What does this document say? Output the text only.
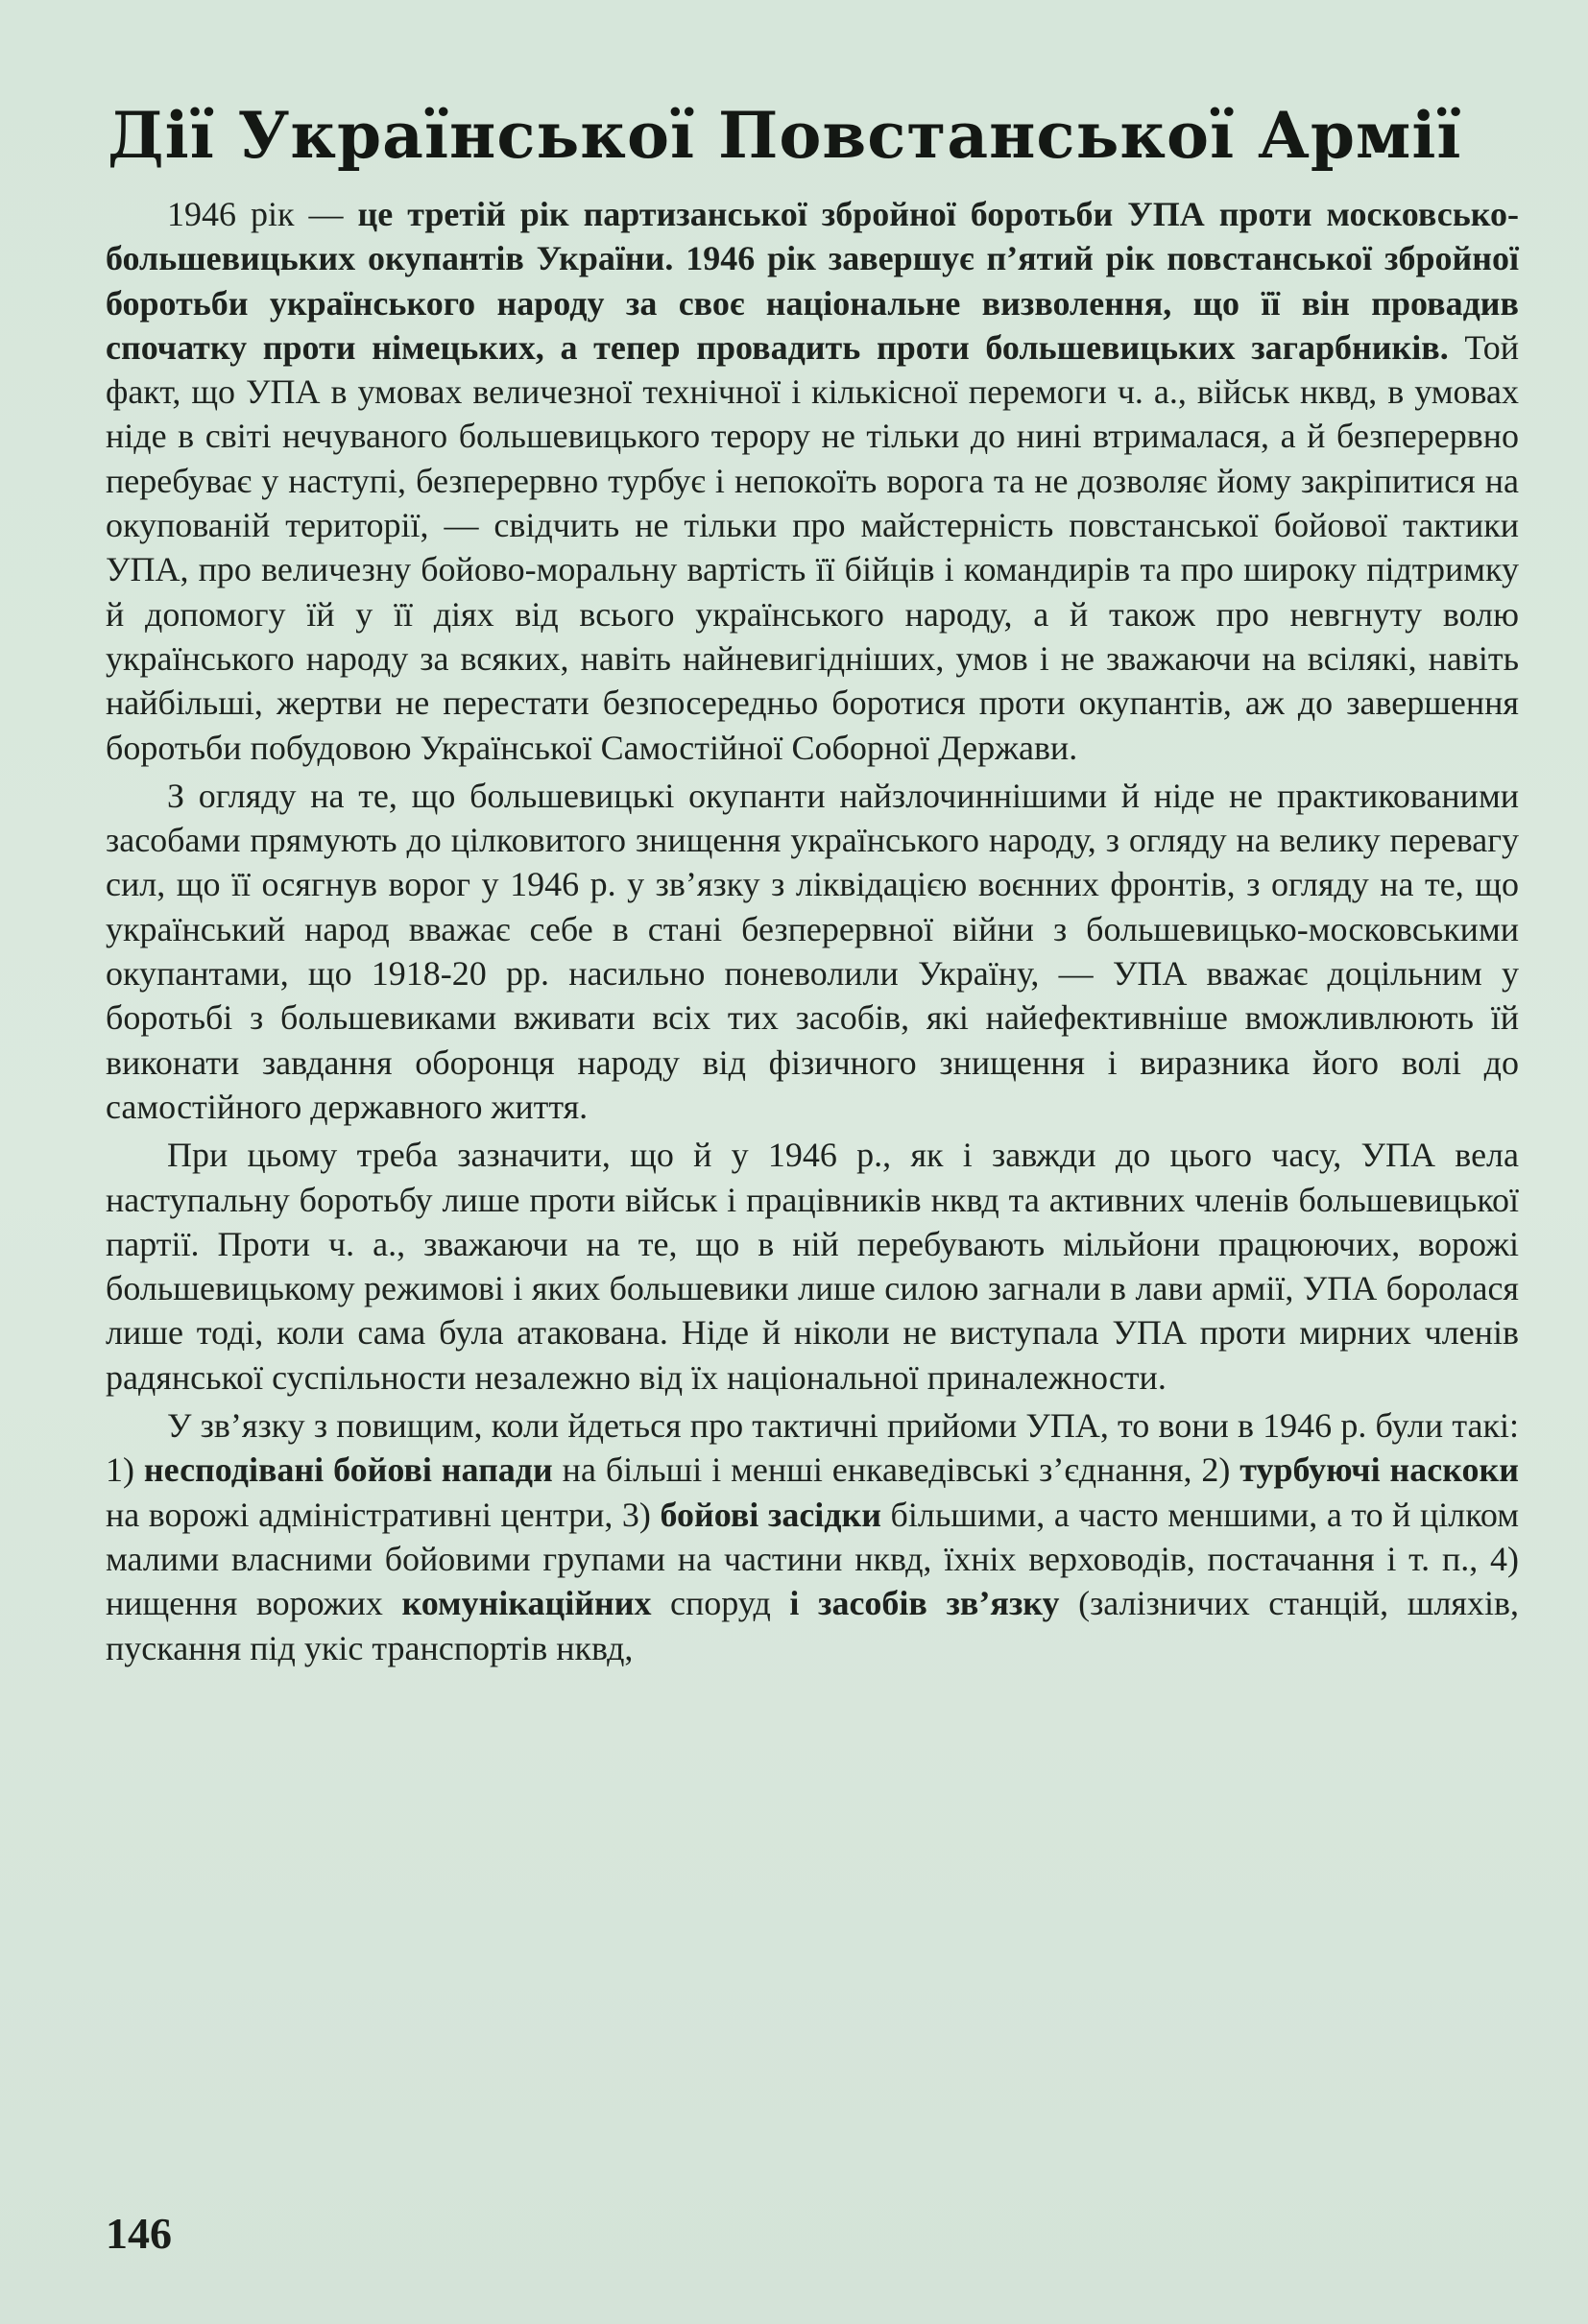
Дії Української Повстанської Армії

1946 рік — це третій рік партизанської збройної боротьби УПА проти московсько-большевицьких окупантів України. 1946 рік завершує п’ятий рік повстанської збройної боротьби українського народу за своє національне визволення, що її він провадив спочатку проти німецьких, а тепер провадить проти большевицьких загарбників. Той факт, що УПА в умовах величезної технічної і кількісної перемоги ч. а., військ нквд, в умовах ніде в світі нечуваного большевицького терору не тільки до нині втрималася, а й безперервно перебуває у наступі, безперервно турбує і непокоїть ворога та не дозволяє йому закріпитися на окупованій території, — свідчить не тільки про майстерність повстанської бойової тактики УПА, про величезну бойово-моральну вартість її бійців і командирів та про широку підтримку й допомогу їй у її діях від всього українського народу, а й також про невгнуту волю українського народу за всяких, навіть найневигідніших, умов і не зважаючи на всілякі, навіть найбільші, жертви не перестати безпосередньо боротися проти окупантів, аж до завершення боротьби побудовою Української Самостійної Соборної Держави.

З огляду на те, що большевицькі окупанти найзлочиннішими й ніде не практикованими засобами прямують до цілковитого знищення українського народу, з огляду на велику перевагу сил, що її осягнув ворог у 1946 р. у зв’язку з ліквідацією воєнних фронтів, з огляду на те, що український народ вважає себе в стані безперервної війни з большевицько-московськими окупантами, що 1918-20 рр. насильно поневолили Україну, — УПА вважає доцільним у боротьбі з большевиками вживати всіх тих засобів, які найефективніше вможливлюють їй виконати завдання оборонця народу від фізичного знищення і виразника його волі до самостійного державного життя.

При цьому треба зазначити, що й у 1946 р., як і завжди до цього часу, УПА вела наступальну боротьбу лише проти військ і працівників нквд та активних членів большевицької партії. Проти ч. а., зважаючи на те, що в ній перебувають мільйони працюючих, ворожі большевицькому режимові і яких большевики лише силою загнали в лави армії, УПА боролася лише тоді, коли сама була атакована. Ніде й ніколи не виступала УПА проти мирних членів радянської суспільности незалежно від їх національної приналежности.

У зв’язку з повищим, коли йдеться про тактичні прийоми УПА, то вони в 1946 р. були такі: 1) несподівані бойові напади на більші і менші енкаведівські з’єднання, 2) турбуючі наскоки на ворожі адміністративні центри, 3) бойові засідки більшими, а часто меншими, а то й цілком малими власними бойовими групами на частини нквд, їхніх верховодів, постачання і т. п., 4) нищення ворожих комунікаційних споруд і засобів зв’язку (залізничих станцій, шляхів, пускання під укіс транспортів нквд,

146
